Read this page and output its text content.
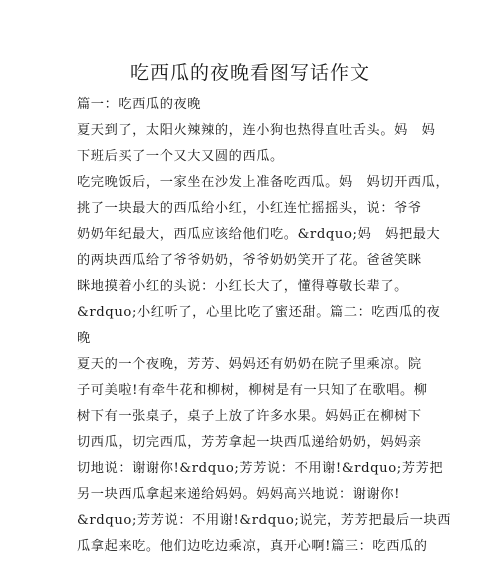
吃西瓜的夜晚看图写话作文
篇一：吃西瓜的夜晚
夏天到了，太阳火辣辣的，连小狗也热得直吐舌头。妈　妈
下班后买了一个又大又圆的西瓜。
吃完晚饭后，一家坐在沙发上准备吃西瓜。妈　妈切开西瓜，
挑了一块最大的西瓜给小红，小红连忙摇摇头，说：爷爷
奶奶年纪最大，西瓜应该给他们吃。&rdquo;妈　妈把最大
的两块西瓜给了爷爷奶奶，爷爷奶奶笑开了花。爸爸笑眯
眯地摸着小红的头说：小红长大了，懂得尊敬长辈了。
&rdquo;小红听了，心里比吃了蜜还甜。篇二：吃西瓜的夜
晚
夏天的一个夜晚，芳芳、妈妈还有奶奶在院子里乘凉。院
子可美啦!有牵牛花和柳树，柳树是有一只知了在歌唱。柳
树下有一张桌子，桌子上放了许多水果。妈妈正在柳树下
切西瓜，切完西瓜，芳芳拿起一块西瓜递给奶奶，妈妈亲
切地说：谢谢你!&rdquo;芳芳说：不用谢!&rdquo;芳芳把
另一块西瓜拿起来递给妈妈。妈妈高兴地说：谢谢你!
&rdquo;芳芳说：不用谢!&rdquo;说完，芳芳把最后一块西
瓜拿起来吃。他们边吃边乘凉，真开心啊!篇三：吃西瓜的
